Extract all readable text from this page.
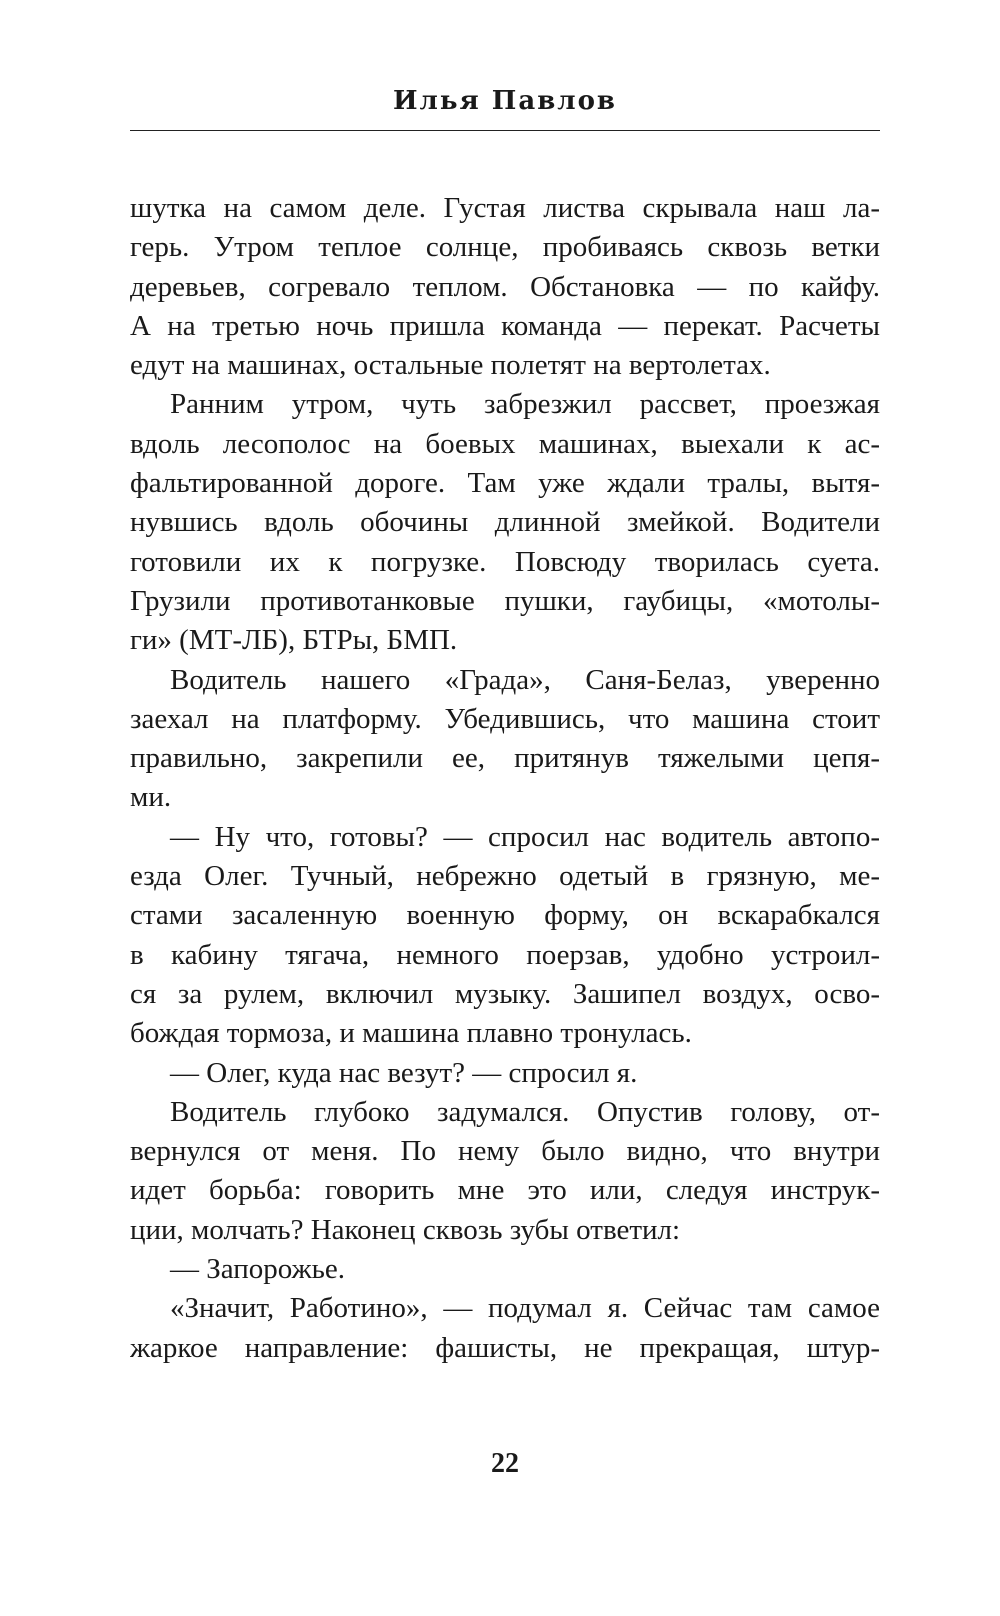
Илья Павлов
шутка на самом деле. Густая листва скрывала наш ла-
герь. Утром теплое солнце, пробиваясь сквозь ветки
деревьев, согревало теплом. Обстановка — по кайфу.
А на третью ночь пришла команда — перекат. Расчеты
едут на машинах, остальные полетят на вертолетах.
Ранним утром, чуть забрезжил рассвет, проезжая
вдоль лесополос на боевых машинах, выехали к ас-
фальтированной дороге. Там уже ждали тралы, вытя-
нувшись вдоль обочины длинной змейкой. Водители
готовили их к погрузке. Повсюду творилась суета.
Грузили противотанковые пушки, гаубицы, «мотолы-
ги» (МТ-ЛБ), БТРы, БМП.
Водитель нашего «Града», Саня-Белаз, уверенно
заехал на платформу. Убедившись, что машина стоит
правильно, закрепили ее, притянув тяжелыми цепя-
ми.
— Ну что, готовы? — спросил нас водитель автопо-
езда Олег. Тучный, небрежно одетый в грязную, ме-
стами засаленную военную форму, он вскарабкался
в кабину тягача, немного поерзав, удобно устроил-
ся за рулем, включил музыку. Зашипел воздух, осво-
бождая тормоза, и машина плавно тронулась.
— Олег, куда нас везут? — спросил я.
Водитель глубоко задумался. Опустив голову, от-
вернулся от меня. По нему было видно, что внутри
идет борьба: говорить мне это или, следуя инструк-
ции, молчать? Наконец сквозь зубы ответил:
— Запорожье.
«Значит, Работино», — подумал я. Сейчас там самое
жаркое направление: фашисты, не прекращая, штур-
22
